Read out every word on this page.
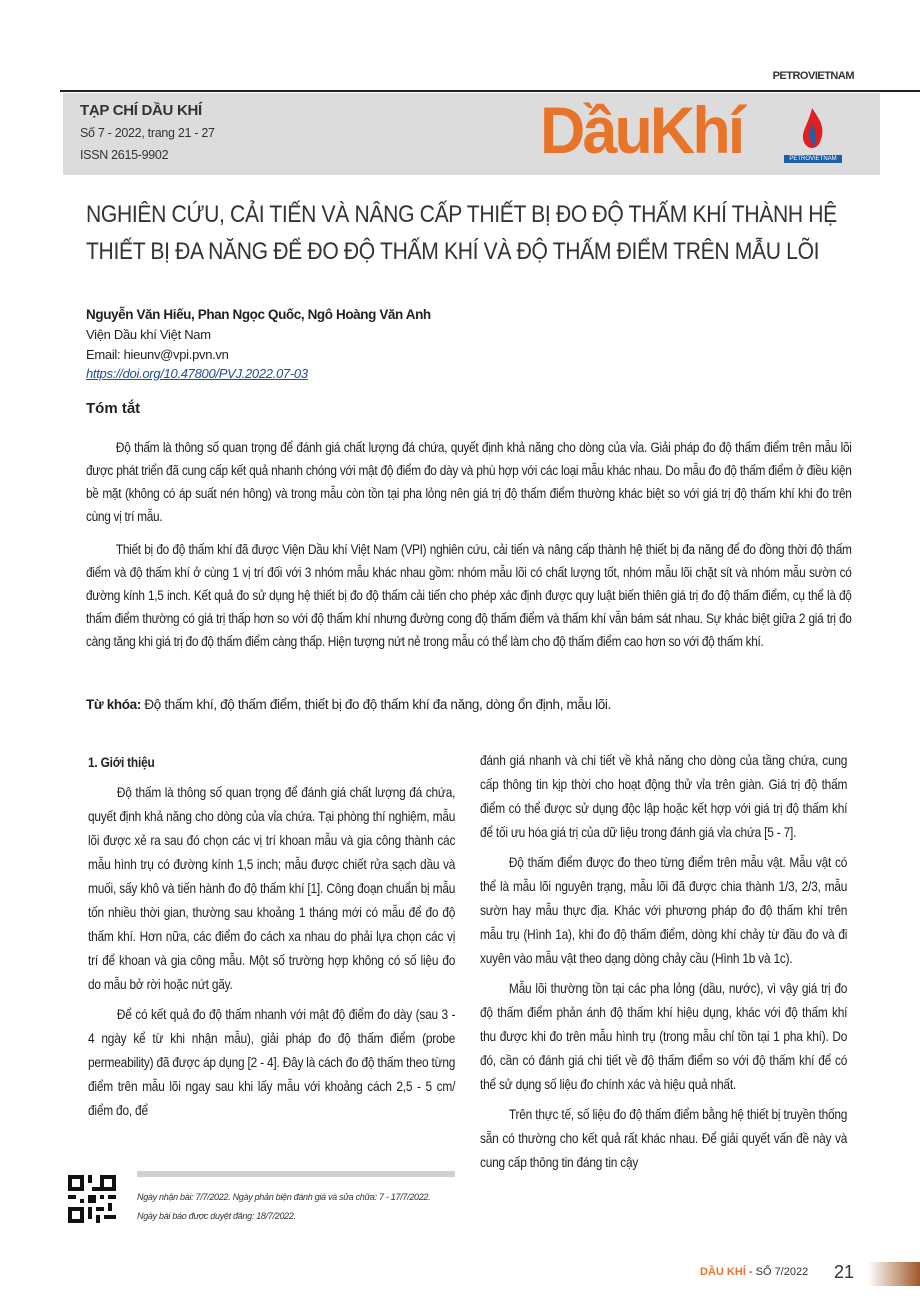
PETROVIETNAM
TẠP CHÍ DẦU KHÍ
Số 7 - 2022, trang 21 - 27
ISSN 2615-9902	DầuKhí	PETROVIETNAM
NGHIÊN CỨU, CẢI TIẾN VÀ NÂNG CẤP THIẾT BỊ ĐO ĐỘ THẤM KHÍ THÀNH HỆ THIẾT BỊ ĐA NĂNG ĐỂ ĐO ĐỘ THẤM KHÍ VÀ ĐỘ THẤM ĐIỂM TRÊN MẪU LÕI
Nguyễn Văn Hiếu, Phan Ngọc Quốc, Ngô Hoàng Văn Anh
Viện Dầu khí Việt Nam
Email: hieunv@vpi.pvn.vn
https://doi.org/10.47800/PVJ.2022.07-03
Tóm tắt

Độ thấm là thông số quan trọng để đánh giá chất lượng đá chứa, quyết định khả năng cho dòng của vỉa. Giải pháp đo độ thấm điểm trên mẫu lõi được phát triển đã cung cấp kết quả nhanh chóng với mật độ điểm đo dày và phù hợp với các loại mẫu khác nhau. Do mẫu đo độ thấm điểm ở điều kiện bề mặt (không có áp suất nén hông) và trong mẫu còn tồn tại pha lỏng nên giá trị độ thấm điểm thường khác biệt so với giá trị độ thấm khí khi đo trên cùng vị trí mẫu.

Thiết bị đo độ thấm khí đã được Viện Dầu khí Việt Nam (VPI) nghiên cứu, cải tiến và nâng cấp thành hệ thiết bị đa năng để đo đồng thời độ thấm điểm và độ thấm khí ở cùng 1 vị trí đối với 3 nhóm mẫu khác nhau gồm: nhóm mẫu lõi có chất lượng tốt, nhóm mẫu lõi chặt sít và nhóm mẫu sườn có đường kính 1,5 inch. Kết quả đo sử dụng hệ thiết bị đo độ thấm cải tiến cho phép xác định được quy luật biến thiên giá trị đo độ thấm điểm, cụ thể là độ thấm điểm thường có giá trị thấp hơn so với độ thấm khí nhưng đường cong độ thấm điểm và thấm khí vẫn bám sát nhau. Sự khác biệt giữa 2 giá trị đo càng tăng khi giá trị đo độ thấm điểm càng thấp. Hiện tượng nứt nẻ trong mẫu có thể làm cho độ thấm điểm cao hơn so với độ thấm khí.

Từ khóa: Độ thấm khí, độ thấm điểm, thiết bị đo độ thấm khí đa năng, dòng ổn định, mẫu lõi.
1. Giới thiệu

Độ thấm là thông số quan trọng để đánh giá chất lượng đá chứa, quyết định khả năng cho dòng của vỉa chứa. Tại phòng thí nghiệm, mẫu lõi được xẻ ra sau đó chọn các vị trí khoan mẫu và gia công thành các mẫu hình trụ có đường kính 1,5 inch; mẫu được chiết rửa sạch dầu và muối, sấy khô và tiến hành đo độ thấm khí [1]. Công đoạn chuẩn bị mẫu tốn nhiều thời gian, thường sau khoảng 1 tháng mới có mẫu để đo độ thấm khí. Hơn nữa, các điểm đo cách xa nhau do phải lựa chọn các vị trí để khoan và gia công mẫu. Một số trường hợp không có số liệu đo do mẫu bở rời hoặc nứt gãy.

Để có kết quả đo độ thấm nhanh với mật độ điểm đo dày (sau 3 - 4 ngày kể từ khi nhận mẫu), giải pháp đo độ thấm điểm (probe permeability) đã được áp dụng [2 - 4]. Đây là cách đo độ thấm theo từng điểm trên mẫu lõi ngay sau khi lấy mẫu với khoảng cách 2,5 - 5 cm/điểm đo, để

đánh giá nhanh và chi tiết về khả năng cho dòng của tầng chứa, cung cấp thông tin kịp thời cho hoạt động thử vỉa trên giàn. Giá trị độ thấm điểm có thể được sử dụng độc lập hoặc kết hợp với giá trị độ thấm khí để tối ưu hóa giá trị của dữ liệu trong đánh giá vỉa chứa [5 - 7].

Độ thấm điểm được đo theo từng điểm trên mẫu vật. Mẫu vật có thể là mẫu lõi nguyên trạng, mẫu lõi đã được chia thành 1/3, 2/3, mẫu sườn hay mẫu thực địa. Khác với phương pháp đo độ thấm khí trên mẫu trụ (Hình 1a), khi đo độ thấm điểm, dòng khí chảy từ đầu đo và đi xuyên vào mẫu vật theo dạng dòng chảy cầu (Hình 1b và 1c).

Mẫu lõi thường tồn tại các pha lỏng (dầu, nước), vì vậy giá trị đo độ thấm điểm phản ánh độ thấm khí hiệu dụng, khác với độ thấm khí thu được khi đo trên mẫu hình trụ (trong mẫu chỉ tồn tại 1 pha khí). Do đó, cần có đánh giá chi tiết về độ thấm điểm so với độ thấm khí để có thể sử dụng số liệu đo chính xác và hiệu quả nhất.

Trên thực tế, số liệu đo độ thấm điểm bằng hệ thiết bị truyền thống sẵn có thường cho kết quả rất khác nhau. Để giải quyết vấn đề này và cung cấp thông tin đáng tin cậy

Ngày nhận bài: 7/7/2022. Ngày phản biện đánh giá và sửa chữa: 7 - 17/7/2022.
Ngày bài báo được duyệt đăng: 18/7/2022.
DẦU KHÍ - SỐ 7/2022 21
